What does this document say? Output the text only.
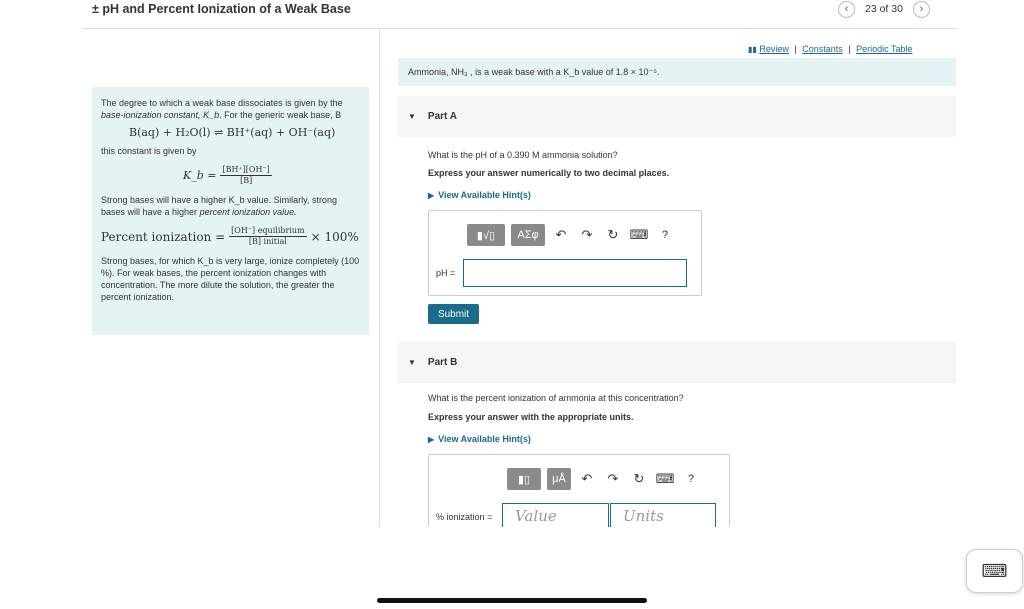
± pH and Percent Ionization of a Weak Base	‹	23 of 30	›

The degree to which a weak base dissociates is given by the base-ionization constant, K_b. For the generic weak base, B

B(aq) + H₂O(l) ⇌ BH⁺(aq) + OH⁻(aq)

this constant is given by

K_b = $\frac{[BH^+][OH^-]}{[B]}$

Strong bases will have a higher K_b value. Similarly, strong bases will have a higher percent ionization value.

Percent ionization = $\frac{\text{[OH⁻] equilibrium}}{\text{[B] initial}} \times 100\%$

Strong bases, for which K_b is very large, ionize completely (100 %). For weak bases, the percent ionization changes with concentration. The more dilute the solution, the greater the percent ionization.

▮▮ Review | Constants | Periodic Table
Ammonia, NH₃ , is a weak base with a K_b value of 1.8 × 10⁻⁵.
▼ Part A
What is the pH of a 0.390 M ammonia solution?
Express your answer numerically to two decimal places.
▶ View Available Hint(s)
▮√▯	ΑΣφ	↶	↷	↻ ⌨	?
pH =
Submit
▼ Part B
What is the percent ionization of ammonia at this concentration?
Express your answer with the appropriate units.
▶ View Available Hint(s)
▮▯	μÅ	↶	↷	↻ ⌨	?
% ionization = Value	Units
⌨
